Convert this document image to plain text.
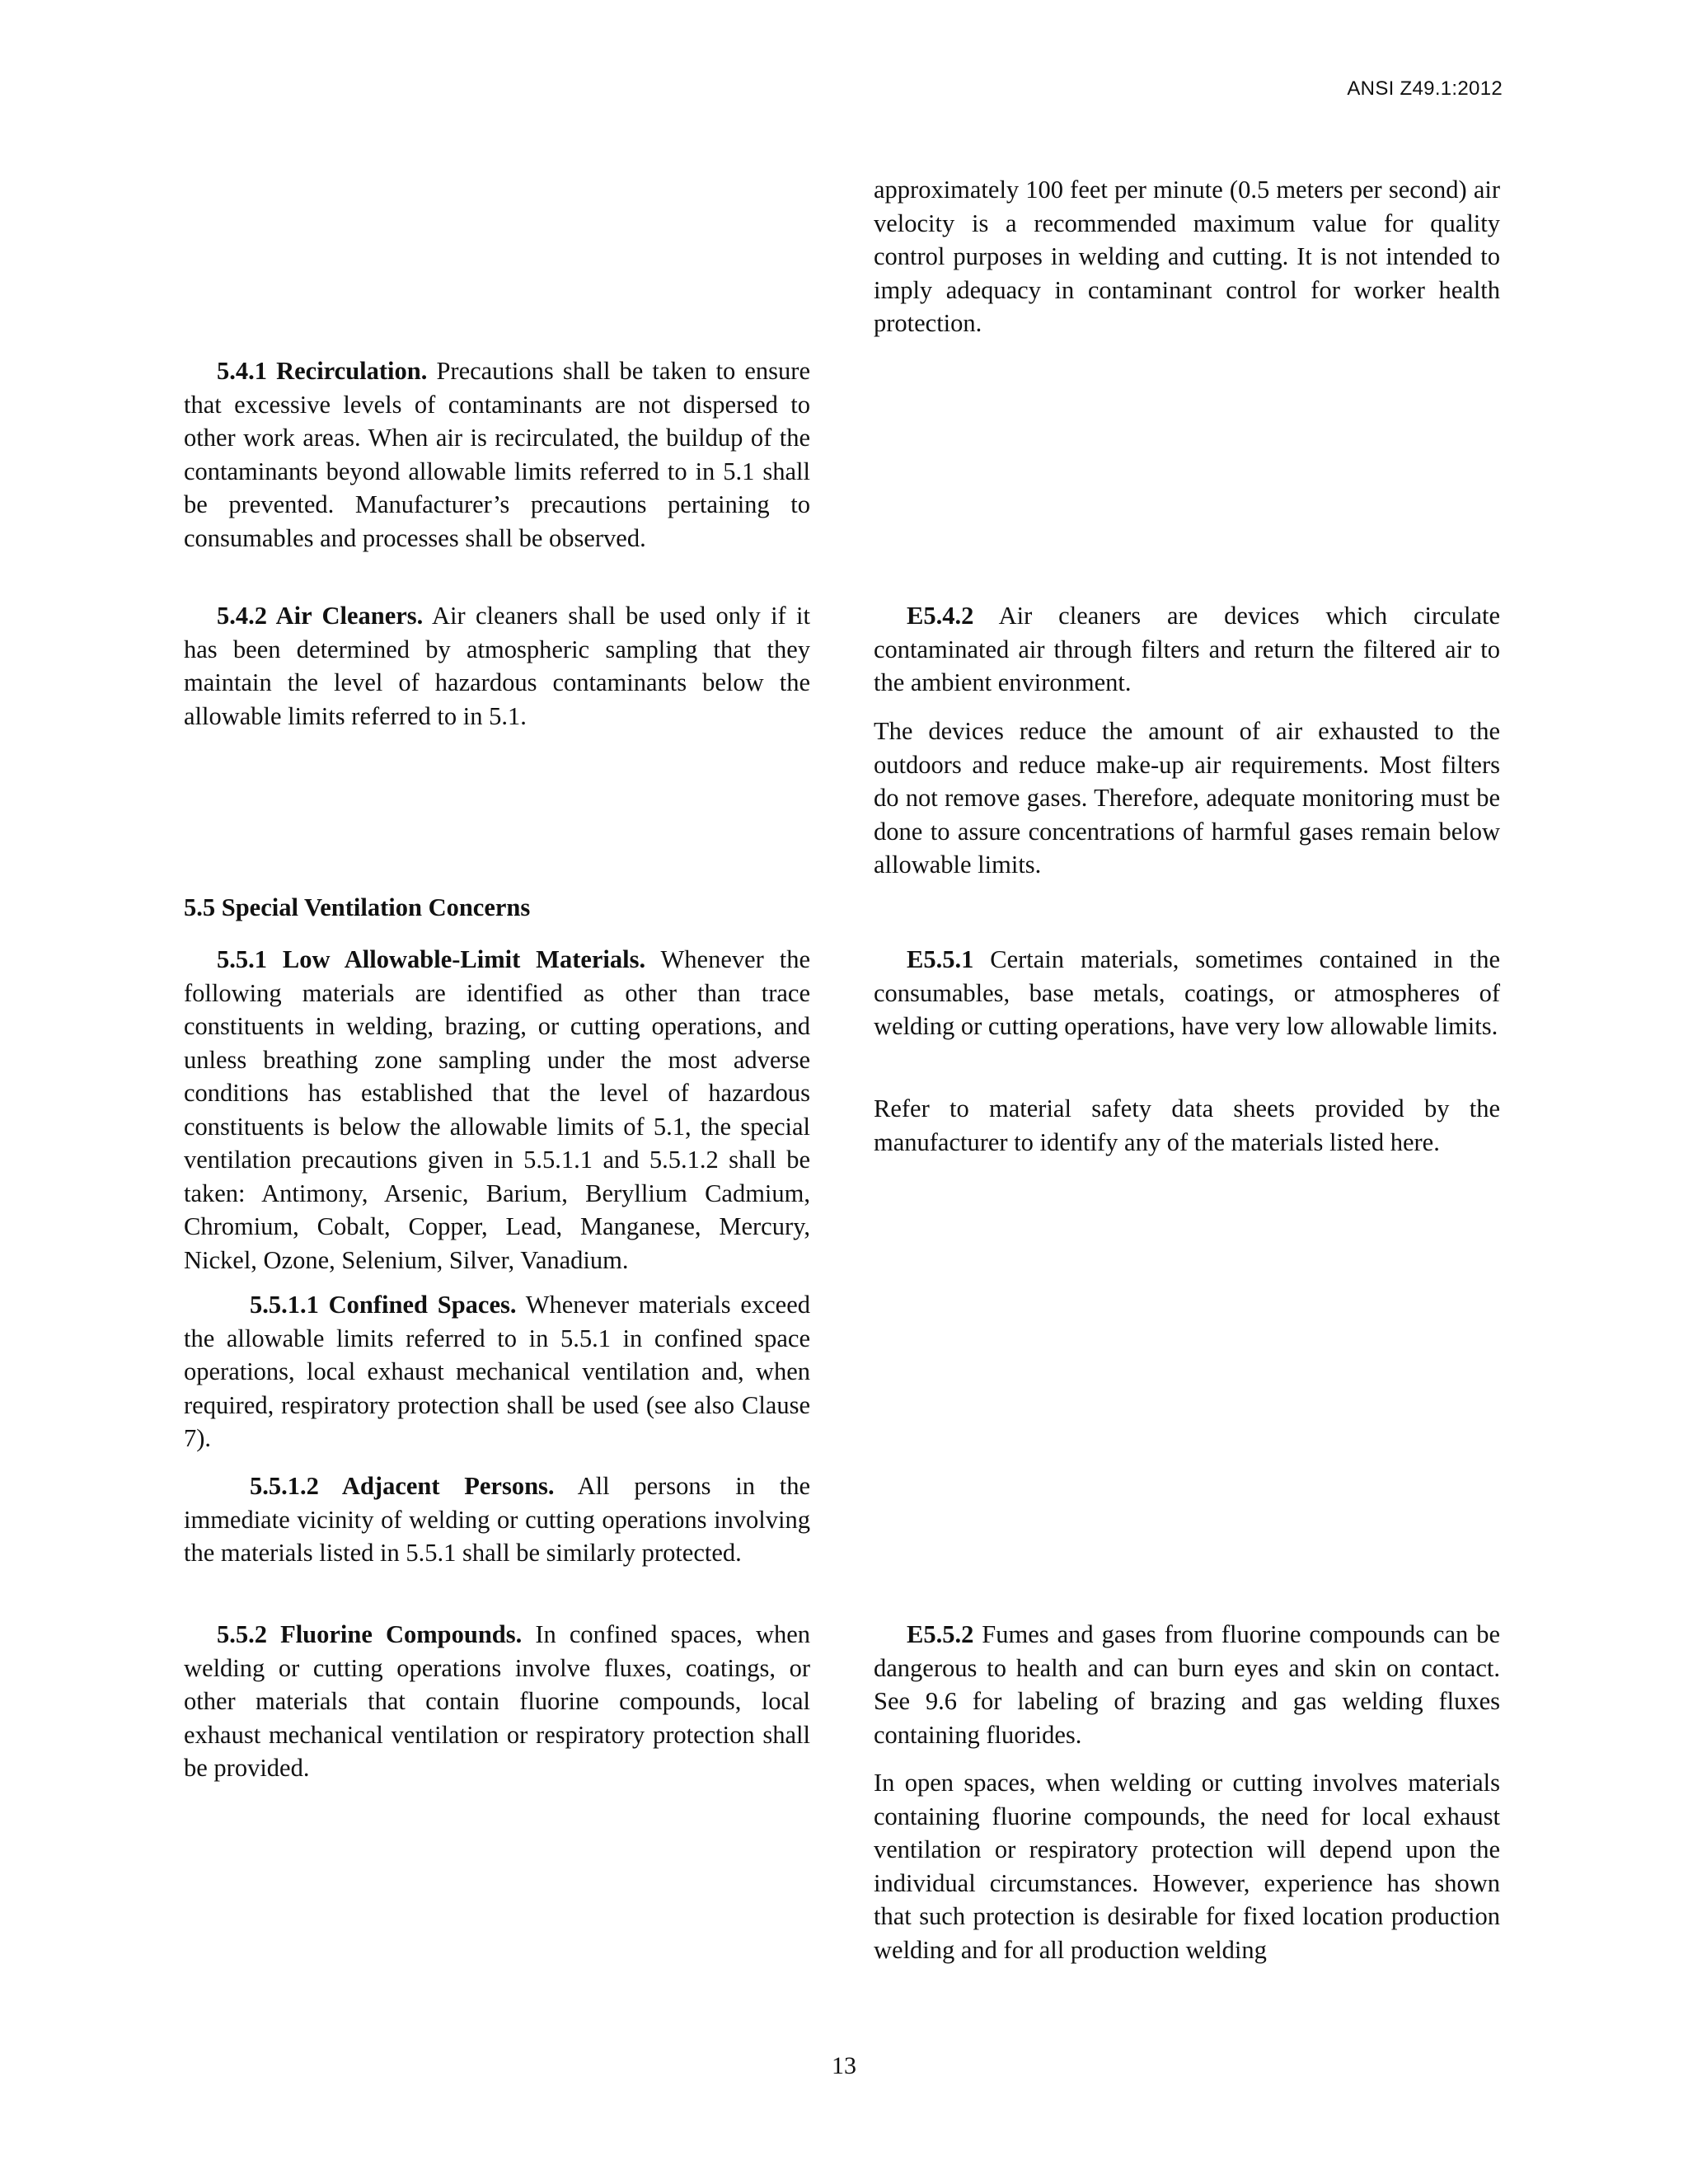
ANSI Z49.1:2012

approximately 100 feet per minute (0.5 meters per second) air velocity is a recommended maximum value for quality control purposes in welding and cutting. It is not intended to imply adequacy in contaminant control for worker health protection.

5.4.1 Recirculation. Precautions shall be taken to ensure that excessive levels of contaminants are not dispersed to other work areas. When air is recirculated, the buildup of the contaminants beyond allowable limits referred to in 5.1 shall be prevented. Manufacturer’s precautions pertaining to consumables and processes shall be observed.

5.4.2 Air Cleaners. Air cleaners shall be used only if it has been determined by atmospheric sampling that they maintain the level of hazardous contaminants below the allowable limits referred to in 5.1.

E5.4.2 Air cleaners are devices which circulate contaminated air through filters and return the filtered air to the ambient environment.

The devices reduce the amount of air exhausted to the outdoors and reduce make-up air requirements. Most filters do not remove gases. Therefore, adequate monitoring must be done to assure concentrations of harmful gases remain below allowable limits.

5.5 Special Ventilation Concerns

5.5.1 Low Allowable-Limit Materials. Whenever the following materials are identified as other than trace constituents in welding, brazing, or cutting operations, and unless breathing zone sampling under the most adverse conditions has established that the level of hazardous constituents is below the allowable limits of 5.1, the special ventilation precautions given in 5.5.1.1 and 5.5.1.2 shall be taken: Antimony, Arsenic, Barium, Beryllium Cadmium, Chromium, Cobalt, Copper, Lead, Manganese, Mercury, Nickel, Ozone, Selenium, Silver, Vanadium.

E5.5.1 Certain materials, sometimes contained in the consumables, base metals, coatings, or atmospheres of welding or cutting operations, have very low allowable limits.

Refer to material safety data sheets provided by the manufacturer to identify any of the materials listed here.

5.5.1.1 Confined Spaces. Whenever materials exceed the allowable limits referred to in 5.5.1 in confined space operations, local exhaust mechanical ventilation and, when required, respiratory protection shall be used (see also Clause 7).

5.5.1.2 Adjacent Persons. All persons in the immediate vicinity of welding or cutting operations involving the materials listed in 5.5.1 shall be similarly protected.

5.5.2 Fluorine Compounds. In confined spaces, when welding or cutting operations involve fluxes, coatings, or other materials that contain fluorine compounds, local exhaust mechanical ventilation or respiratory protection shall be provided.

E5.5.2 Fumes and gases from fluorine compounds can be dangerous to health and can burn eyes and skin on contact. See 9.6 for labeling of brazing and gas welding fluxes containing fluorides.

In open spaces, when welding or cutting involves materials containing fluorine compounds, the need for local exhaust ventilation or respiratory protection will depend upon the individual circumstances. However, experience has shown that such protection is desirable for fixed location production welding and for all production welding

13
